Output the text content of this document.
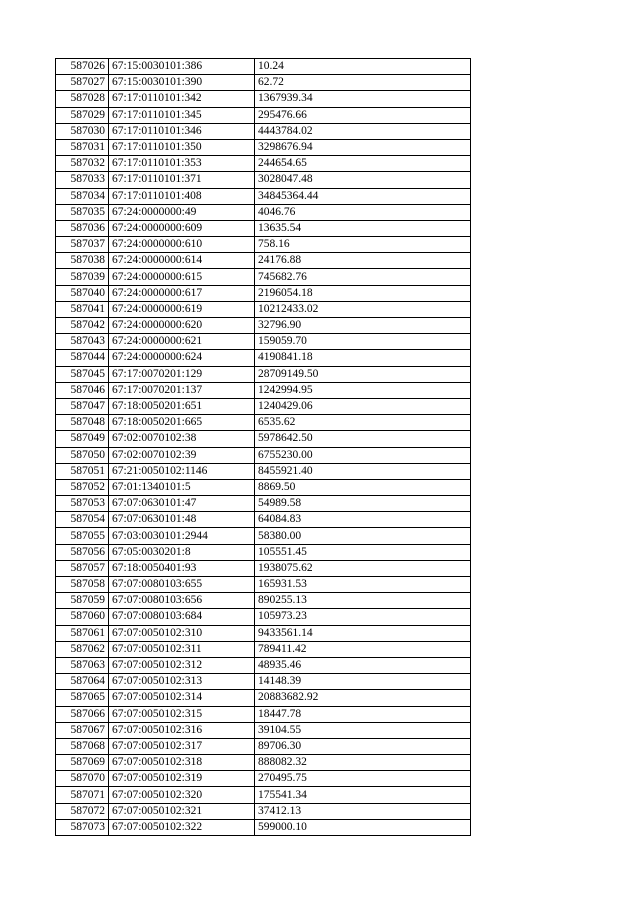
587026	67:15:0030101:386	10.24
587027	67:15:0030101:390	62.72
587028	67:17:0110101:342	1367939.34
587029	67:17:0110101:345	295476.66
587030	67:17:0110101:346	4443784.02
587031	67:17:0110101:350	3298676.94
587032	67:17:0110101:353	244654.65
587033	67:17:0110101:371	3028047.48
587034	67:17:0110101:408	34845364.44
587035	67:24:0000000:49	4046.76
587036	67:24:0000000:609	13635.54
587037	67:24:0000000:610	758.16
587038	67:24:0000000:614	24176.88
587039	67:24:0000000:615	745682.76
587040	67:24:0000000:617	2196054.18
587041	67:24:0000000:619	10212433.02
587042	67:24:0000000:620	32796.90
587043	67:24:0000000:621	159059.70
587044	67:24:0000000:624	4190841.18
587045	67:17:0070201:129	28709149.50
587046	67:17:0070201:137	1242994.95
587047	67:18:0050201:651	1240429.06
587048	67:18:0050201:665	6535.62
587049	67:02:0070102:38	5978642.50
587050	67:02:0070102:39	6755230.00
587051	67:21:0050102:1146	8455921.40
587052	67:01:1340101:5	8869.50
587053	67:07:0630101:47	54989.58
587054	67:07:0630101:48	64084.83
587055	67:03:0030101:2944	58380.00
587056	67:05:0030201:8	105551.45
587057	67:18:0050401:93	1938075.62
587058	67:07:0080103:655	165931.53
587059	67:07:0080103:656	890255.13
587060	67:07:0080103:684	105973.23
587061	67:07:0050102:310	9433561.14
587062	67:07:0050102:311	789411.42
587063	67:07:0050102:312	48935.46
587064	67:07:0050102:313	14148.39
587065	67:07:0050102:314	20883682.92
587066	67:07:0050102:315	18447.78
587067	67:07:0050102:316	39104.55
587068	67:07:0050102:317	89706.30
587069	67:07:0050102:318	888082.32
587070	67:07:0050102:319	270495.75
587071	67:07:0050102:320	175541.34
587072	67:07:0050102:321	37412.13
587073	67:07:0050102:322	599000.10
